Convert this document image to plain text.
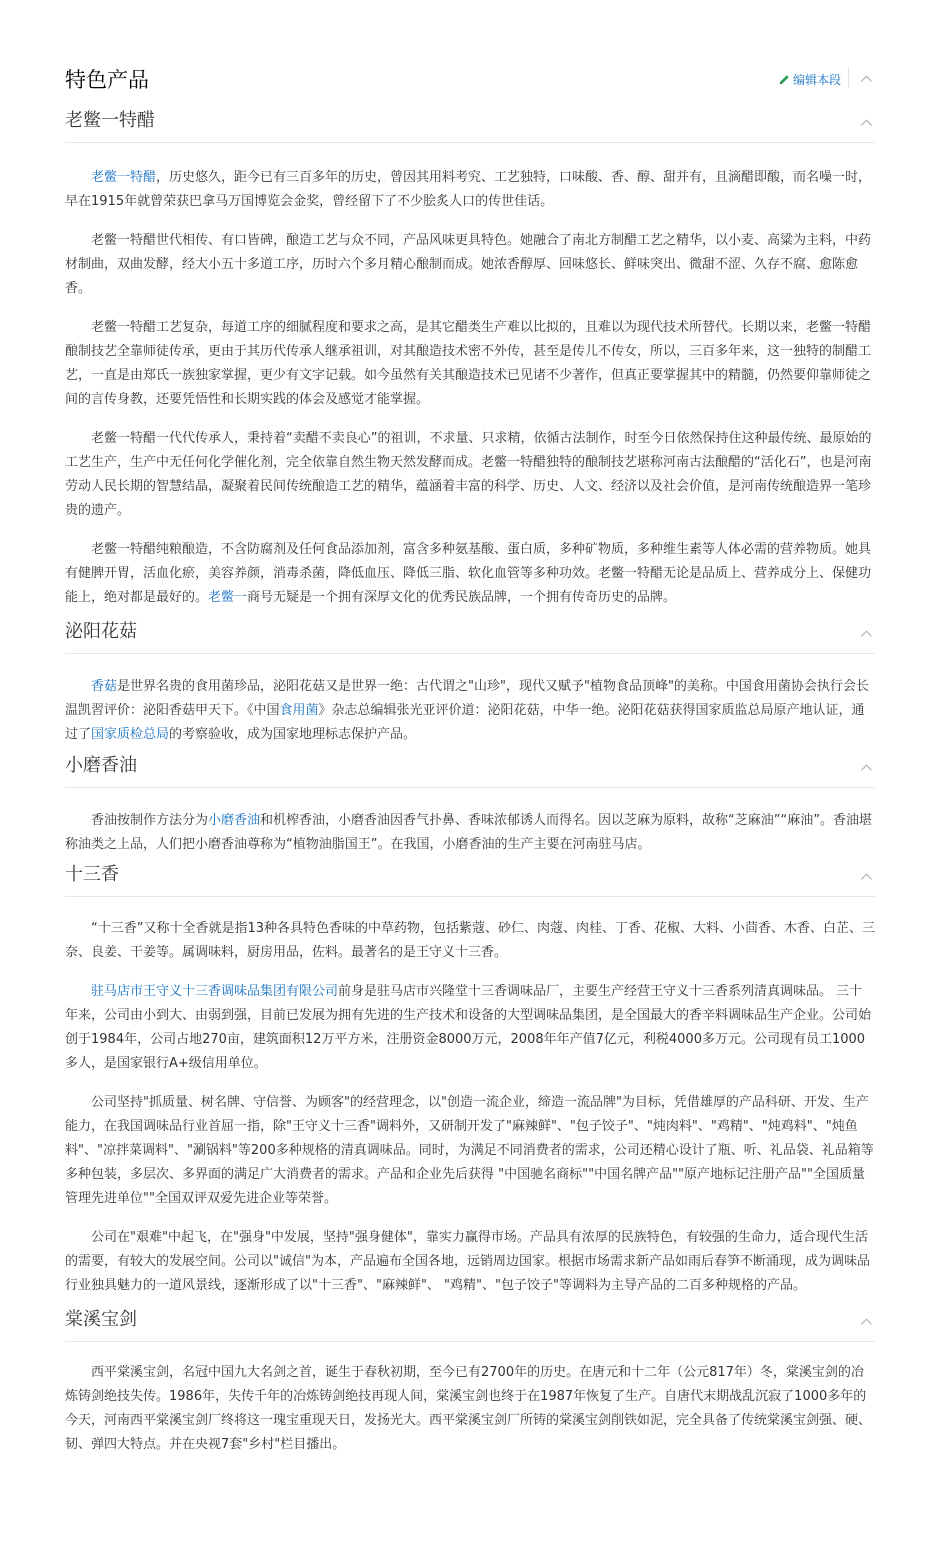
特色产品	编辑本段
老鳖一特醋

老鳖一特醋，历史悠久，距今已有三百多年的历史，曾因其用料考究、工艺独特，口味酸、香、醇、甜并有，且滴醋即酸，而名噪一时，早在1915年就曾荣获巴拿马万国博览会金奖，曾经留下了不少脍炙人口的传世佳话。

老鳖一特醋世代相传、有口皆碑，酿造工艺与众不同，产品风味更具特色。她融合了南北方制醋工艺之精华，以小麦、高粱为主料，中药材制曲，双曲发酵，经大小五十多道工序，历时六个多月精心酿制而成。她浓香醇厚、回味悠长、鲜味突出、微甜不涩、久存不腐、愈陈愈香。

老鳖一特醋工艺复杂，每道工序的细腻程度和要求之高，是其它醋类生产难以比拟的，且难以为现代技术所替代。长期以来，老鳖一特醋酿制技艺全靠师徒传承，更由于其历代传承人继承祖训，对其酿造技术密不外传，甚至是传儿不传女，所以，三百多年来，这一独特的制醋工艺，一直是由郑氏一族独家掌握，更少有文字记载。如今虽然有关其酿造技术已见诸不少著作，但真正要掌握其中的精髓，仍然要仰靠师徒之间的言传身教，还要凭悟性和长期实践的体会及感觉才能掌握。

老鳖一特醋一代代传承人，秉持着“卖醋不卖良心”的祖训，不求量、只求精，依循古法制作，时至今日依然保持住这种最传统、最原始的工艺生产，生产中无任何化学催化剂，完全依靠自然生物天然发酵而成。老鳖一特醋独特的酿制技艺堪称河南古法酿醋的“活化石”，也是河南劳动人民长期的智慧结晶，凝聚着民间传统酿造工艺的精华，蕴涵着丰富的科学、历史、人文、经济以及社会价值，是河南传统酿造界一笔珍贵的遗产。

老鳖一特醋纯粮酿造，不含防腐剂及任何食品添加剂，富含多种氨基酸、蛋白质，多种矿物质，多种维生素等人体必需的营养物质。她具有健脾开胃，活血化瘀，美容养颜，消毒杀菌，降低血压、降低三脂、软化血管等多种功效。老鳖一特醋无论是品质上、营养成分上、保健功能上，绝对都是最好的。老鳖一商号无疑是一个拥有深厚文化的优秀民族品牌，一个拥有传奇历史的品牌。

泌阳花菇

香菇是世界名贵的食用菌珍品，泌阳花菇又是世界一绝：古代谓之"山珍"，现代又赋予"植物食品顶峰"的美称。中国食用菌协会执行会长温凯習评价：泌阳香菇甲天下。《中国食用菌》杂志总编辑张光亚评价道：泌阳花菇，中华一绝。泌阳花菇获得国家质监总局原产地认证，通过了国家质检总局的考察验收，成为国家地理标志保护产品。

小磨香油

香油按制作方法分为小磨香油和机榨香油，小磨香油因香气扑鼻、香味浓郁诱人而得名。因以芝麻为原料，故称“芝麻油”“麻油”。香油堪称油类之上品，人们把小磨香油尊称为“植物油脂国王”。在我国，小磨香油的生产主要在河南驻马店。

十三香

“十三香”又称十全香就是指13种各具特色香味的中草药物，包括紫蔻、砂仁、肉蔻、肉桂、丁香、花椒、大料、小茴香、木香、白芷、三奈、良姜、干姜等。属调味料，厨房用品，佐料。最著名的是王守义十三香。

驻马店市王守义十三香调味品集团有限公司前身是驻马店市兴隆堂十三香调味品厂，主要生产经营王守义十三香系列清真调味品。 三十年来，公司由小到大、由弱到强，目前已发展为拥有先进的生产技术和设备的大型调味品集团，是全国最大的香辛料调味品生产企业。公司始创于1984年，公司占地270亩，建筑面积12万平方米，注册资金8000万元，2008年年产值7亿元，利税4000多万元。公司现有员工1000多人，是国家银行A+级信用单位。

公司坚持"抓质量、树名牌、守信誉、为顾客"的经营理念，以"创造一流企业，缔造一流品牌"为目标，凭借雄厚的产品科研、开发、生产能力，在我国调味品行业首屈一指，除"王守义十三香"调料外，又研制开发了"麻辣鲜"、"包子饺子"、"炖肉料"、"鸡精"、"炖鸡料"、"炖鱼料"、"凉拌菜调料"、"涮锅料"等200多种规格的清真调味品。同时，为满足不同消费者的需求，公司还精心设计了瓶、听、礼品袋、礼品箱等多种包装，多层次、多界面的满足广大消费者的需求。产品和企业先后获得 "中国驰名商标""中国名牌产品""原产地标记注册产品""全国质量管理先进单位""全国双评双爱先进企业等荣誉。

公司在"艰难"中起飞，在"强身"中发展，坚持"强身健体"，靠实力赢得市场。产品具有浓厚的民族特色，有较强的生命力，适合现代生活的需要，有较大的发展空间。公司以"诚信"为本，产品遍布全国各地，远销周边国家。根据市场需求新产品如雨后春笋不断涌现，成为调味品行业独具魅力的一道风景线，逐渐形成了以"十三香"、"麻辣鲜"、 "鸡精"、"包子饺子"等调料为主导产品的二百多种规格的产品。

棠溪宝剑

西平棠溪宝剑，名冠中国九大名剑之首，诞生于春秋初期，至今已有2700年的历史。在唐元和十二年（公元817年）冬，棠溪宝剑的冶炼铸剑绝技失传。1986年，失传千年的冶炼铸剑绝技再现人间，棠溪宝剑也终于在1987年恢复了生产。自唐代末期战乱沉寂了1000多年的今天，河南西平棠溪宝剑厂终将这一瑰宝重现天日，发扬光大。西平棠溪宝剑厂所铸的棠溪宝剑削铁如泥，完全具备了传统棠溪宝剑强、硬、韧、弹四大特点。并在央视7套"乡村"栏目播出。
